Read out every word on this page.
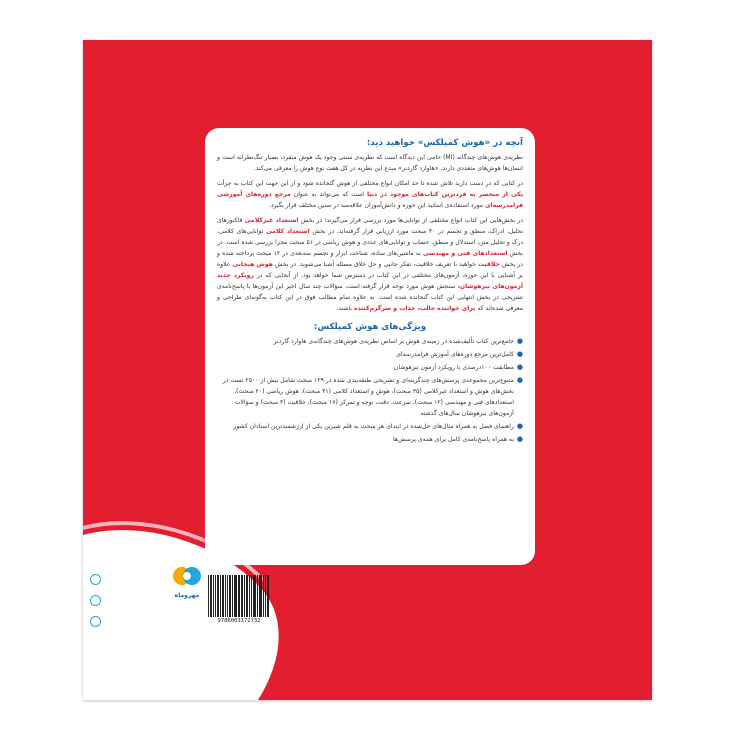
آنچه در «هوش کمپلکس» خواهید دید:

نظریه‌ی هوش‌های چندگانه (MI) حامی این دیدگاه است که نظریه‌ی سنتی وجود یک هوش منفرد، بسیار تنگ‌نظرانه است و انسان‌ها هوش‌های متعددی دارند. «هاوارد گاردنر» مبدع این نظریه در کل هفت نوع هوش را معرفی می‌کند.

در کتابی که در دست دارید تلاش شده تا حد امکان انواع مختلفی از هوش گنجانده شود و از این جهت این کتاب به جرأت یکی از منحصر به فردترین کتاب‌های موجود در دنیا است که می‌تواند به عنوان مرجع دوره‌های آموزشی فرامدرسه‌ای مورد استفاده‌ی اساتید این حوزه و دانش‌آموزان علاقه‌مند در سنین مختلف قرار بگیرد.

در بخش‌هایی این کتاب انواع مختلفی از توانایی‌ها مورد بررسی قرار می‌گیرند؛ در بخش استعداد غیرکلامی فاکتورهای تحلیل، ادراک، منطق و تجسم در ۴۰ مبحث مورد ارزیابی قرار گرفته‌اند. در بخش استعداد کلامی توانایی‌های کلامی، درک و تحلیل متن، استدلال و منطق، حساب و توانایی‌های عددی و هوش ریاضی در ۵۱ مبحث مجزا بررسی شده است. در بخش استعدادهای فنی و مهندسی به ماشین‌های ساده، شناخت ابزار و تجسم سه‌بعدی در ۱۲ مبحث پرداخته شده و در بخش خلاقیت خواهید با تعریف خلاقیت، تفکر جانبی و حل خلاق مسئله آشنا می‌شوید. در بخش هوش هیجانی علاوه بر آشنایی با این حوزه، آزمون‌های مختلفی در این کتاب در دسترس شما خواهد بود. از آنجایی که در رویکرد جدید آزمون‌های تیزهوشان، سنجش هوش مورد توجه قرار گرفته است، سؤالات چند سال اخیر این آزمون‌ها با پاسخ‌نامه‌ی تشریحی در بخش انتهایی این کتاب گنجانده شده است. به علاوه تمام مطالب فوق در این کتاب به‌گونه‌ای طراحی و معرفی شده‌اند که برای خواننده جالب، جذاب و سرگرم‌کننده باشند.

ویژگی‌های هوش کمپلکس:
●
جامع‌ترین کتاب تألیف‌شده در زمینه‌ی هوش بر اساس نظریه‌ی هوش‌های چندگانه‌ی هاوارد گاردنر
●
کامل‌ترین مرجع دوره‌های آموزش فرامدرسه‌ای
●
مطابقت ۱۰۰درصدی با رویکرد آزمون تیزهوشان
●
متنوع‌ترین مجموعه‌ی پرسش‌های چندگزینه‌ای و تشریحی طبقه‌بندی شده در ۱۲۹ مبحث شامل بیش از ۲۵۰۰ تست در بخش‌های هوش و استعداد غیرکلامی (۳۵ مبحث)، هوش و استعداد کلامی (۴۱ مبحث)، هوش ریاضی (۲۰ مبحث)، استعدادهای فنی و مهندسی (۱۲ مبحث)، سرعت، دقت، توجه و تمرکز (۱۷ مبحث)، خلاقیت (۳ مبحث) و سؤالات آزمون‌های تیزهوشان سال‌های گذشته
●
راهنمای فصل به همراه مثال‌های حل‌شده در ابتدای هر مبحث به قلم شیرین یکی از ارزشمندترین استادان کشور
●
به همراه پاسخ‌نامه‌ی کامل برای همه‌ی پرسش‌ها
مهروماه
9786003172732
